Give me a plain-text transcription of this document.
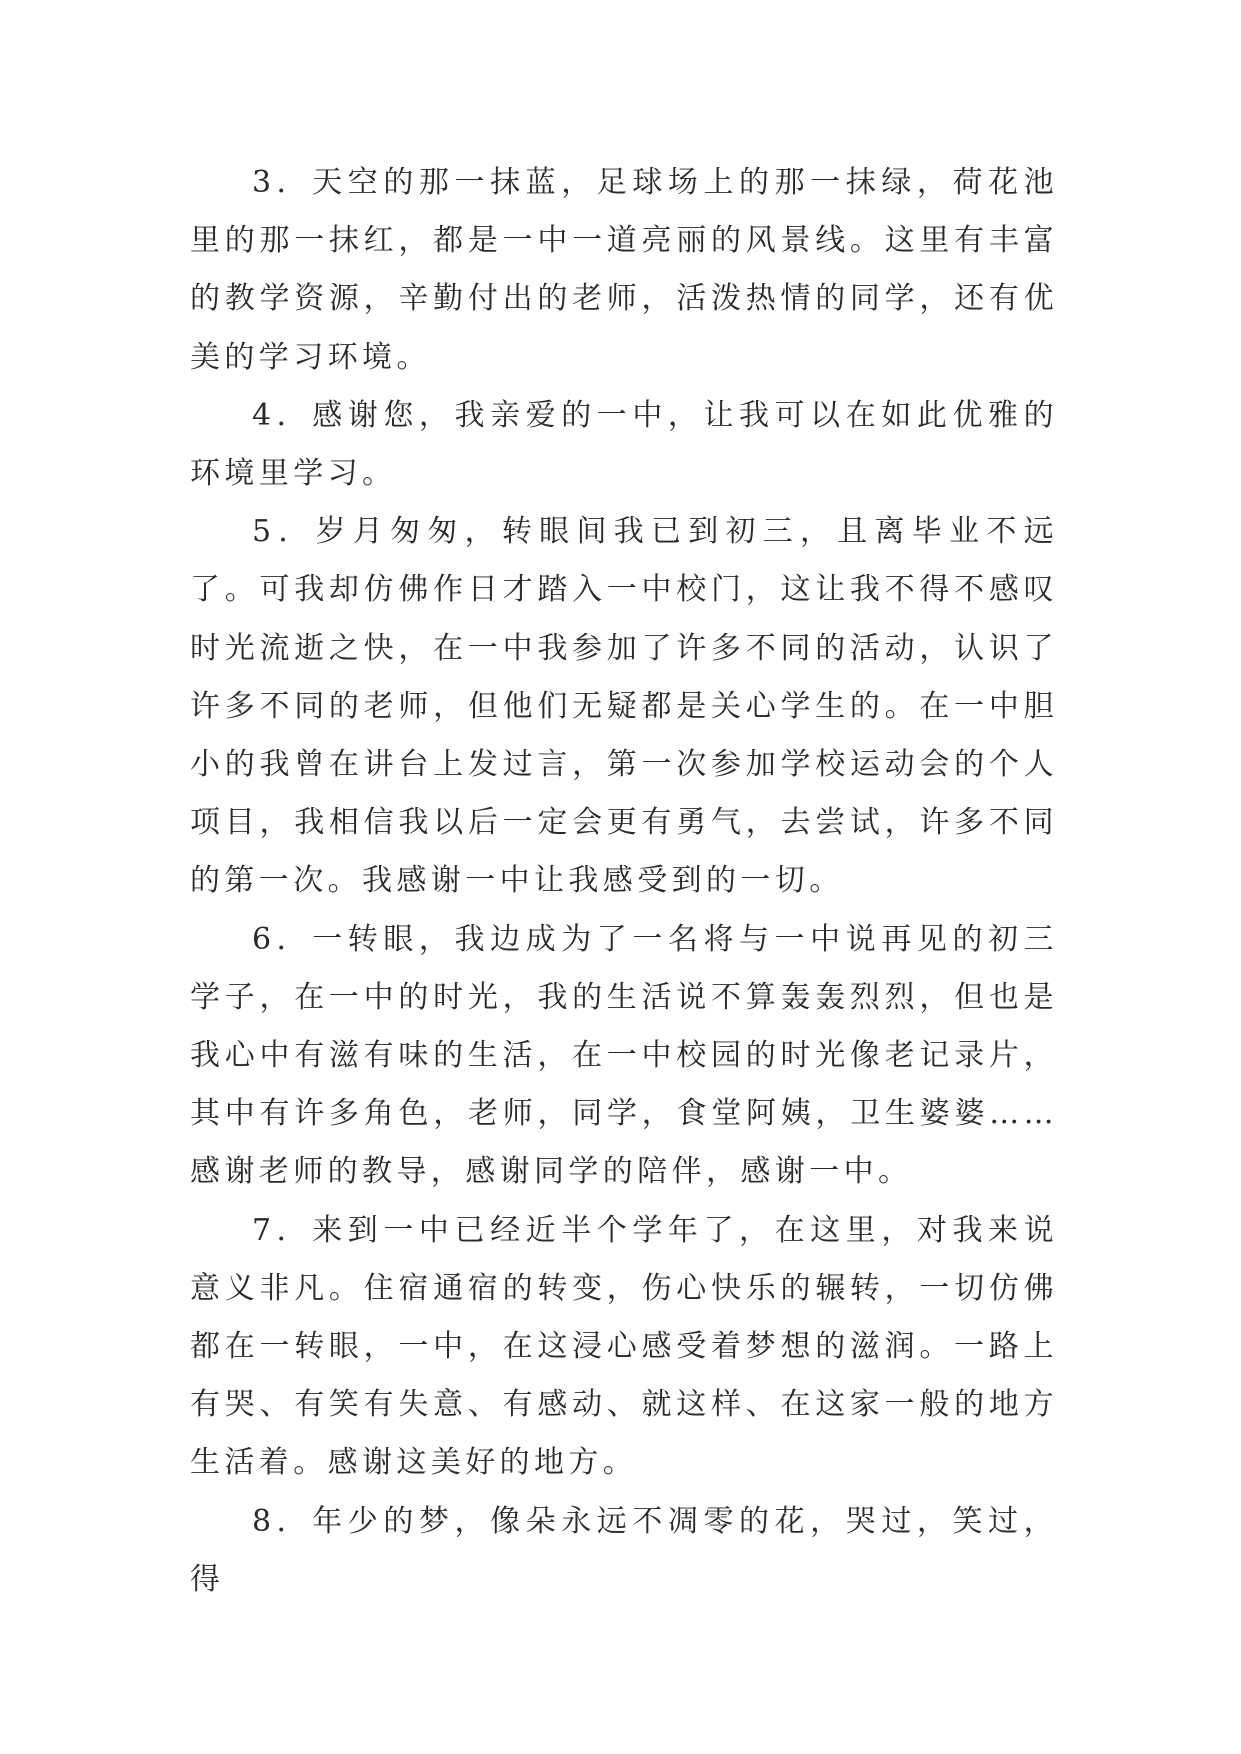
3．天空的那一抹蓝，足球场上的那一抹绿，荷花池里的那一抹红，都是一中一道亮丽的风景线。这里有丰富的教学资源，辛勤付出的老师，活泼热情的同学，还有优美的学习环境。

4．感谢您，我亲爱的一中，让我可以在如此优雅的环境里学习。

5．岁月匆匆，转眼间我已到初三，且离毕业不远了。可我却仿佛作日才踏入一中校门，这让我不得不感叹时光流逝之快，在一中我参加了许多不同的活动，认识了许多不同的老师，但他们无疑都是关心学生的。在一中胆小的我曾在讲台上发过言，第一次参加学校运动会的个人项目，我相信我以后一定会更有勇气，去尝试，许多不同的第一次。我感谢一中让我感受到的一切。

6．一转眼，我边成为了一名将与一中说再见的初三学子，在一中的时光，我的生活说不算轰轰烈烈，但也是我心中有滋有味的生活，在一中校园的时光像老记录片，其中有许多角色，老师，同学，食堂阿姨，卫生婆婆……感谢老师的教导，感谢同学的陪伴，感谢一中。

7．来到一中已经近半个学年了，在这里，对我来说意义非凡。住宿通宿的转变，伤心快乐的辗转，一切仿佛都在一转眼，一中，在这浸心感受着梦想的滋润。一路上有哭、有笑有失意、有感动、就这样、在这家一般的地方生活着。感谢这美好的地方。

8．年少的梦，像朵永远不凋零的花，哭过，笑过，得
